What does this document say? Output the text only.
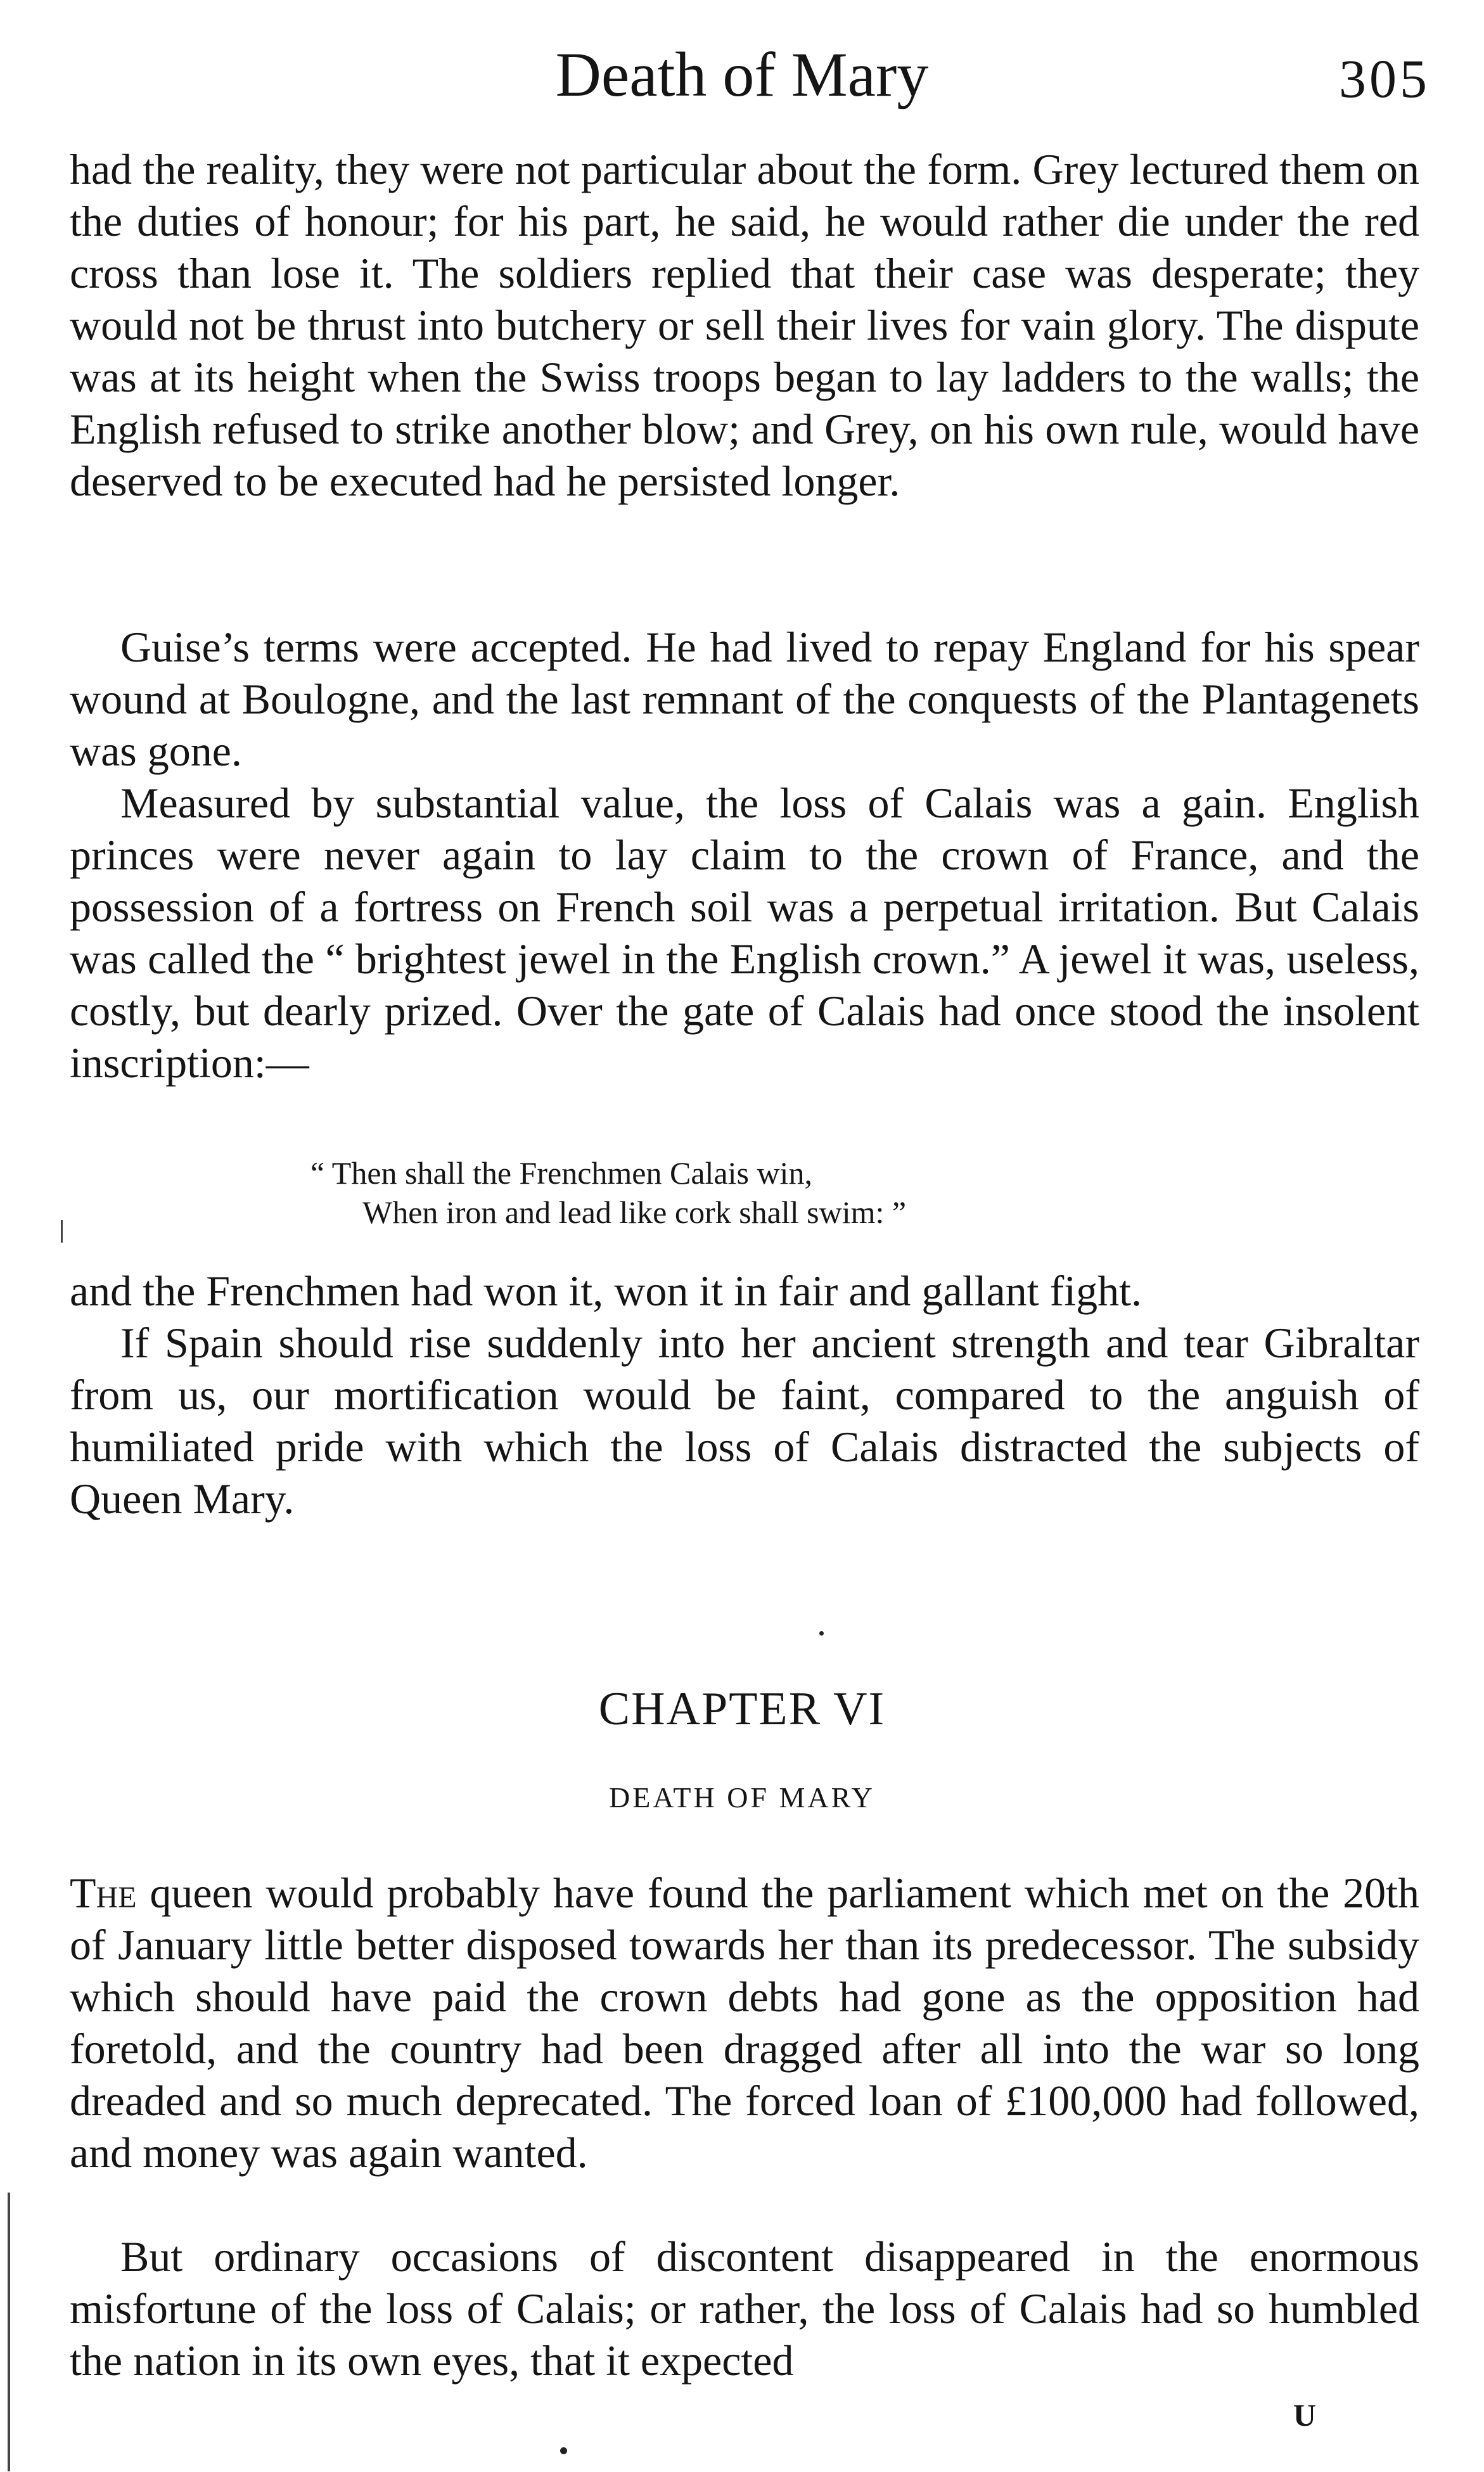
Death of Mary	305

had the reality, they were not particular about the form. Grey lectured them on the duties of honour; for his part, he said, he would rather die under the red cross than lose it. The soldiers replied that their case was desperate; they would not be thrust into butchery or sell their lives for vain glory. The dispute was at its height when the Swiss troops began to lay ladders to the walls; the English refused to strike another blow; and Grey, on his own rule, would have deserved to be executed had he persisted longer.

Guise’s terms were accepted. He had lived to repay England for his spear wound at Boulogne, and the last remnant of the conquests of the Plantagenets was gone.

Measured by substantial value, the loss of Calais was a gain. English princes were never again to lay claim to the crown of France, and the possession of a fortress on French soil was a perpetual irritation. But Calais was called the “ brightest jewel in the English crown.” A jewel it was, useless, costly, but dearly prized. Over the gate of Calais had once stood the insolent inscription:—

“ Then shall the Frenchmen Calais win,
When iron and lead like cork shall swim: ”

and the Frenchmen had won it, won it in fair and gallant fight.

If Spain should rise suddenly into her ancient strength and tear Gibraltar from us, our mortification would be faint, compared to the anguish of humiliated pride with which the loss of Calais distracted the subjects of Queen Mary.

CHAPTER VI
DEATH OF MARY

The queen would probably have found the parliament which met on the 20th of January little better disposed towards her than its predecessor. The subsidy which should have paid the crown debts had gone as the opposition had foretold, and the country had been dragged after all into the war so long dreaded and so much deprecated. The forced loan of £100,000 had followed, and money was again wanted.

But ordinary occasions of discontent disappeared in the enormous misfortune of the loss of Calais; or rather, the loss of Calais had so humbled the nation in its own eyes, that it expected

U
